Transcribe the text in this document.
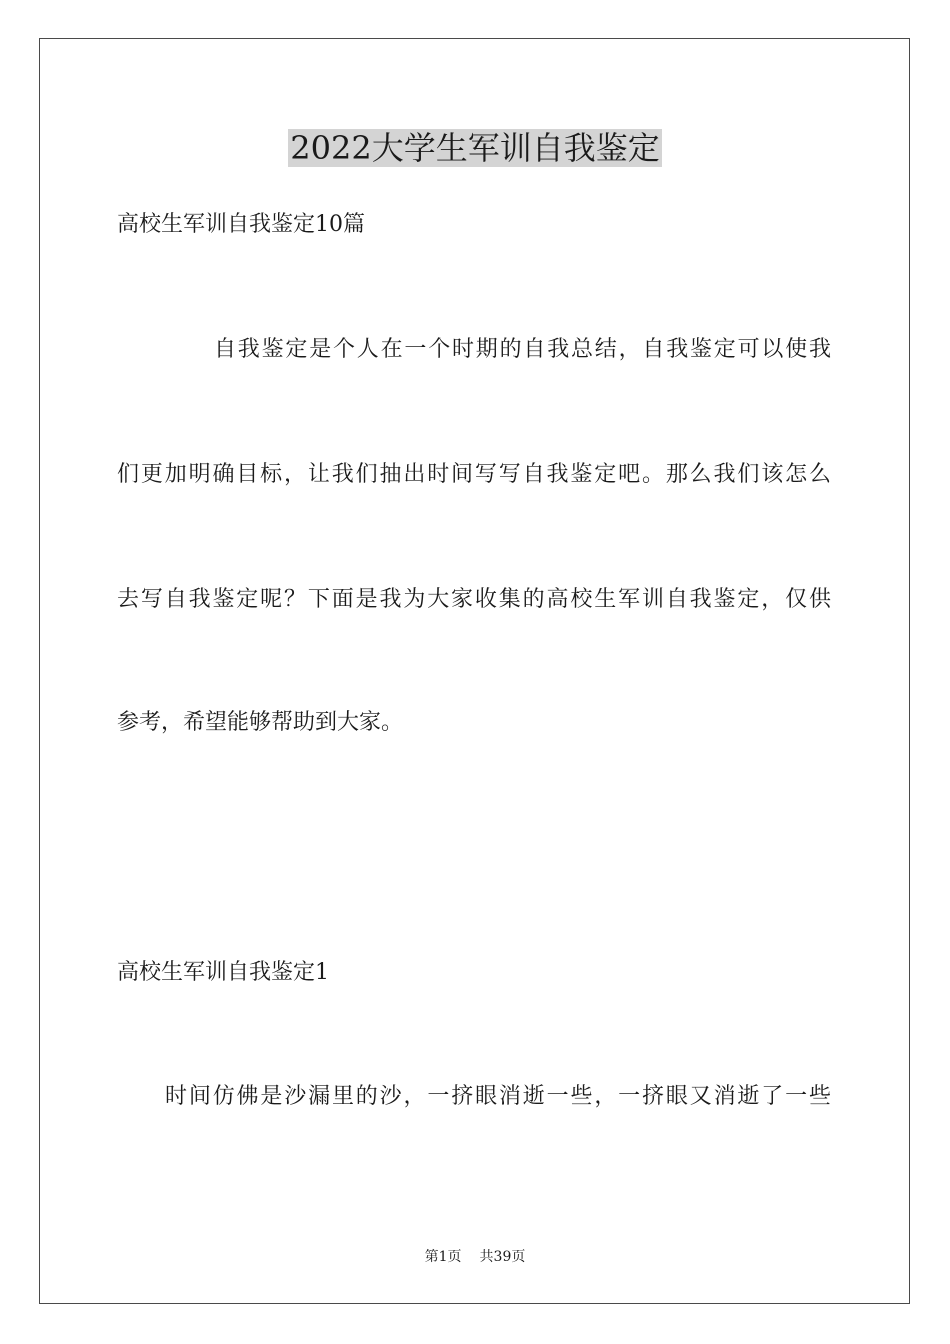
2022大学生军训自我鉴定
高校生军训自我鉴定10篇
自我鉴定是个人在一个时期的自我总结，自我鉴定可以使我
们更加明确目标，让我们抽出时间写写自我鉴定吧。那么我们该怎么
去写自我鉴定呢？下面是我为大家收集的高校生军训自我鉴定，仅供
参考，希望能够帮助到大家。
高校生军训自我鉴定1
时间仿佛是沙漏里的沙，一挤眼消逝一些，一挤眼又消逝了一些
第1页 共39页
